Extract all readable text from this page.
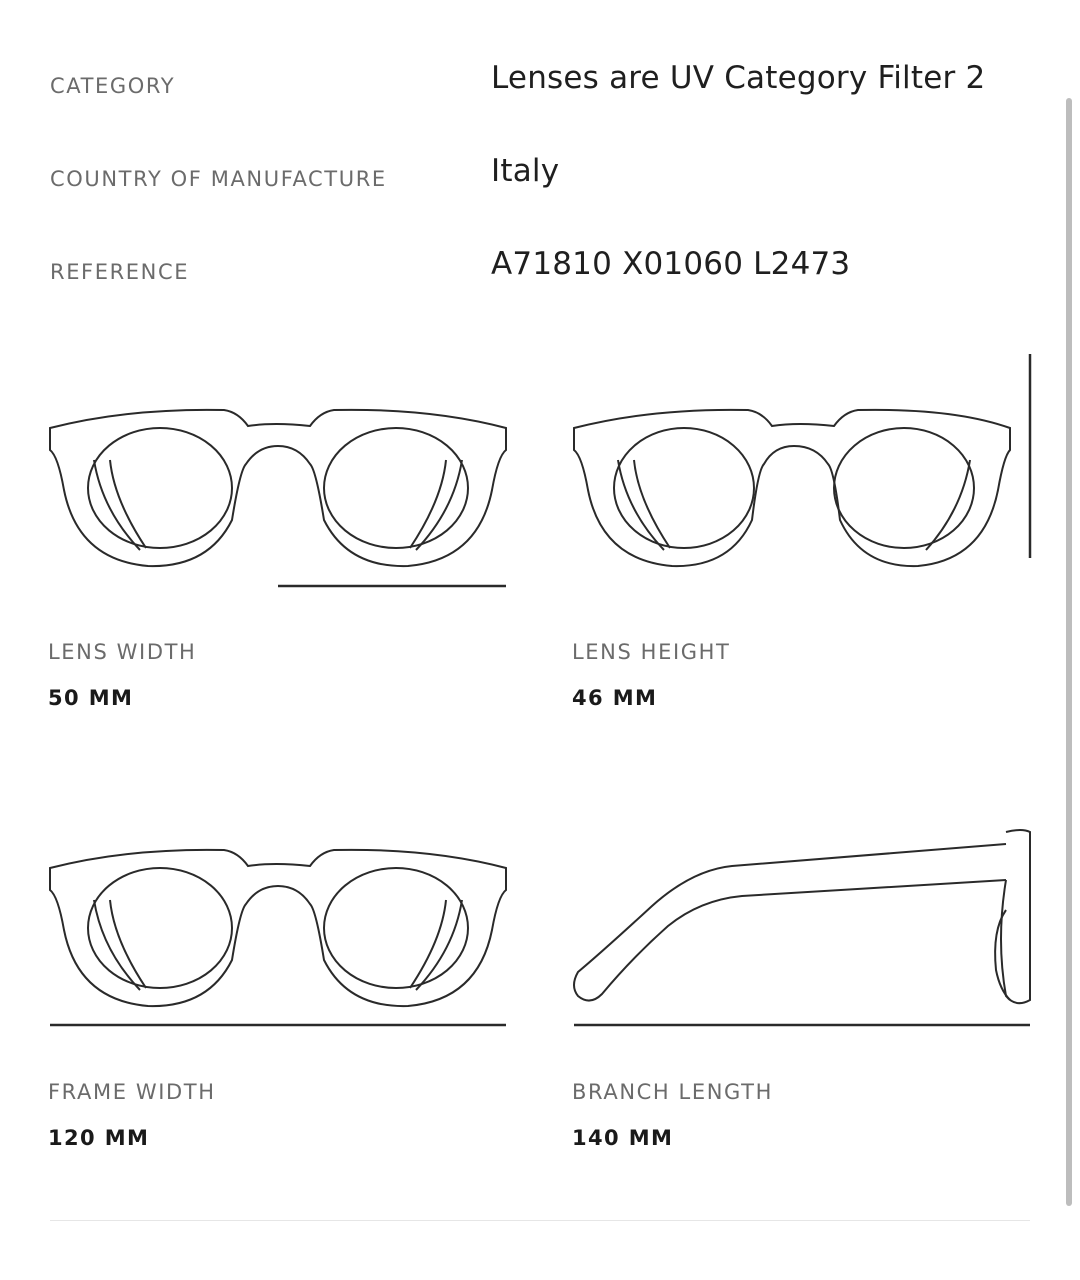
CATEGORY	Lenses are UV Category Filter 2
COUNTRY OF MANUFACTURE	Italy
REFERENCE	A71810 X01060 L2473
LENS WIDTH
50 MM
LENS HEIGHT
46 MM
FRAME WIDTH
120 MM
BRANCH LENGTH
140 MM
